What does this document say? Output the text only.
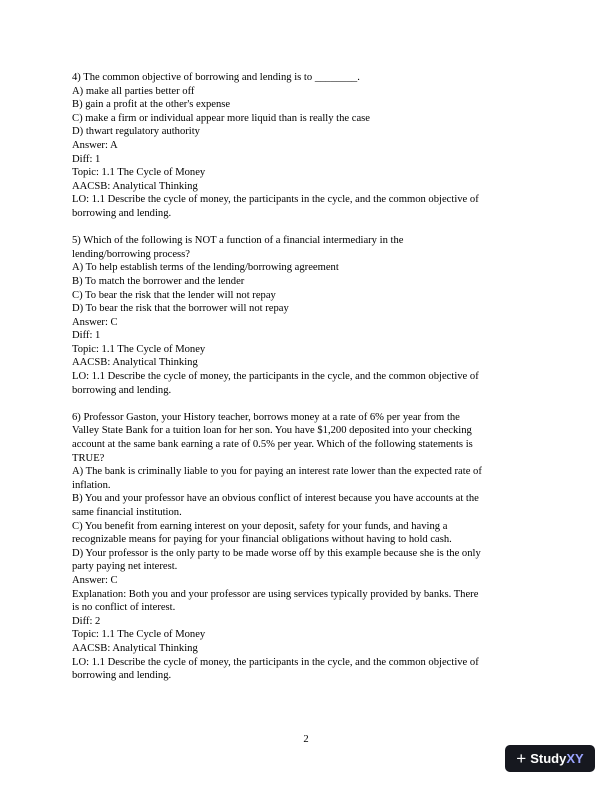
4) The common objective of borrowing and lending is to ________.
A) make all parties better off
B) gain a profit at the other's expense
C) make a firm or individual appear more liquid than is really the case
D) thwart regulatory authority
Answer: A
Diff: 1
Topic: 1.1 The Cycle of Money
AACSB: Analytical Thinking
LO: 1.1 Describe the cycle of money, the participants in the cycle, and the common objective of
borrowing and lending.
5) Which of the following is NOT a function of a financial intermediary in the
lending/borrowing process?
A) To help establish terms of the lending/borrowing agreement
B) To match the borrower and the lender
C) To bear the risk that the lender will not repay
D) To bear the risk that the borrower will not repay
Answer: C
Diff: 1
Topic: 1.1 The Cycle of Money
AACSB: Analytical Thinking
LO: 1.1 Describe the cycle of money, the participants in the cycle, and the common objective of
borrowing and lending.
6) Professor Gaston, your History teacher, borrows money at a rate of 6% per year from the
Valley State Bank for a tuition loan for her son. You have $1,200 deposited into your checking
account at the same bank earning a rate of 0.5% per year. Which of the following statements is
TRUE?
A) The bank is criminally liable to you for paying an interest rate lower than the expected rate of
inflation.
B) You and your professor have an obvious conflict of interest because you have accounts at the
same financial institution.
C) You benefit from earning interest on your deposit, safety for your funds, and having a
recognizable means for paying for your financial obligations without having to hold cash.
D) Your professor is the only party to be made worse off by this example because she is the only
party paying net interest.
Answer: C
Explanation: Both you and your professor are using services typically provided by banks. There
is no conflict of interest.
Diff: 2
Topic: 1.1 The Cycle of Money
AACSB: Analytical Thinking
LO: 1.1 Describe the cycle of money, the participants in the cycle, and the common objective of
borrowing and lending.
2
+ Study XY
